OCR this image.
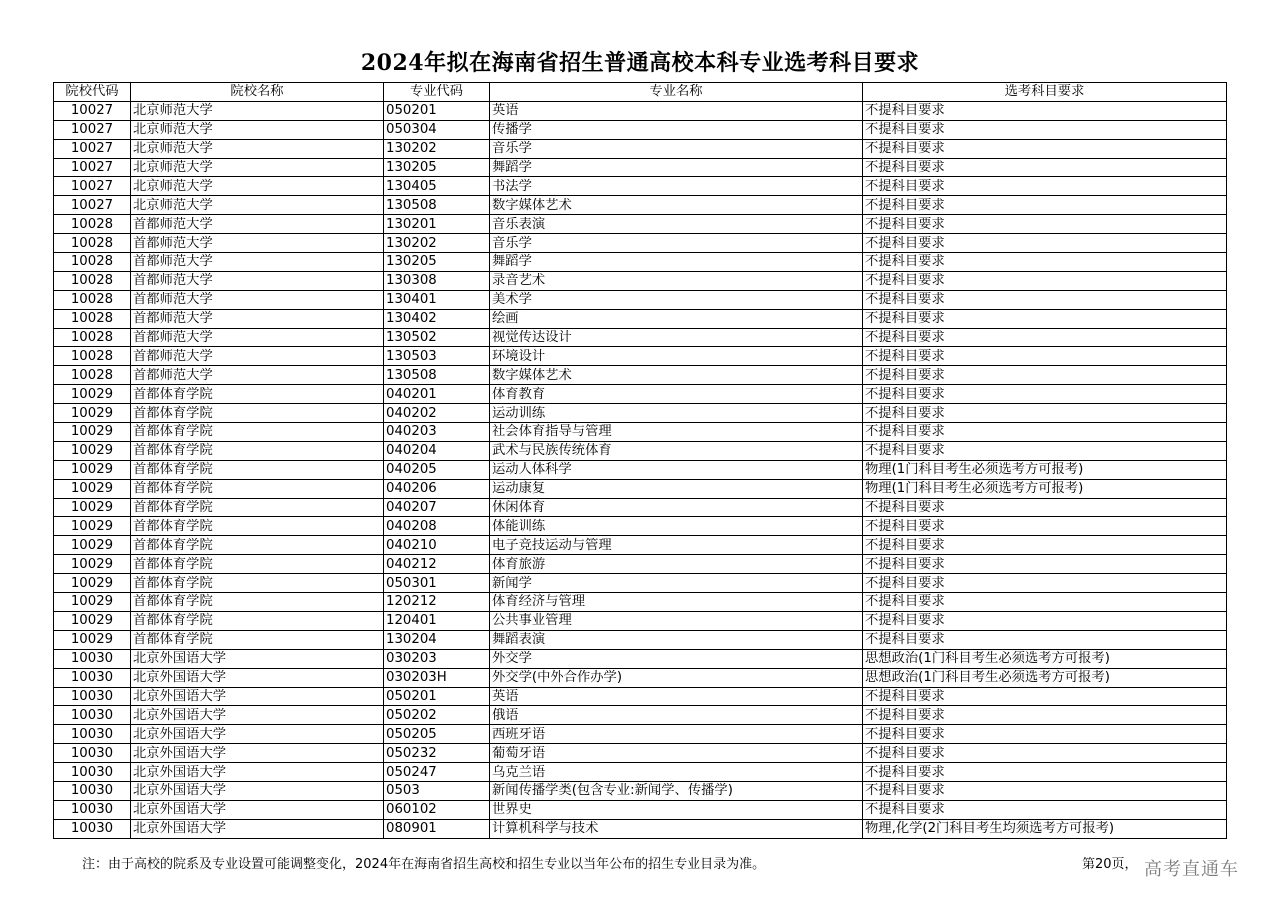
2024年拟在海南省招生普通高校本科专业选考科目要求
院校代码	院校名称	专业代码	专业名称	选考科目要求
10027	北京师范大学	050201	英语	不提科目要求
10027	北京师范大学	050304	传播学	不提科目要求
10027	北京师范大学	130202	音乐学	不提科目要求
10027	北京师范大学	130205	舞蹈学	不提科目要求
10027	北京师范大学	130405	书法学	不提科目要求
10027	北京师范大学	130508	数字媒体艺术	不提科目要求
10028	首都师范大学	130201	音乐表演	不提科目要求
10028	首都师范大学	130202	音乐学	不提科目要求
10028	首都师范大学	130205	舞蹈学	不提科目要求
10028	首都师范大学	130308	录音艺术	不提科目要求
10028	首都师范大学	130401	美术学	不提科目要求
10028	首都师范大学	130402	绘画	不提科目要求
10028	首都师范大学	130502	视觉传达设计	不提科目要求
10028	首都师范大学	130503	环境设计	不提科目要求
10028	首都师范大学	130508	数字媒体艺术	不提科目要求
10029	首都体育学院	040201	体育教育	不提科目要求
10029	首都体育学院	040202	运动训练	不提科目要求
10029	首都体育学院	040203	社会体育指导与管理	不提科目要求
10029	首都体育学院	040204	武术与民族传统体育	不提科目要求
10029	首都体育学院	040205	运动人体科学	物理(1门科目考生必须选考方可报考)
10029	首都体育学院	040206	运动康复	物理(1门科目考生必须选考方可报考)
10029	首都体育学院	040207	休闲体育	不提科目要求
10029	首都体育学院	040208	体能训练	不提科目要求
10029	首都体育学院	040210	电子竞技运动与管理	不提科目要求
10029	首都体育学院	040212	体育旅游	不提科目要求
10029	首都体育学院	050301	新闻学	不提科目要求
10029	首都体育学院	120212	体育经济与管理	不提科目要求
10029	首都体育学院	120401	公共事业管理	不提科目要求
10029	首都体育学院	130204	舞蹈表演	不提科目要求
10030	北京外国语大学	030203	外交学	思想政治(1门科目考生必须选考方可报考)
10030	北京外国语大学	030203H	外交学(中外合作办学)	思想政治(1门科目考生必须选考方可报考)
10030	北京外国语大学	050201	英语	不提科目要求
10030	北京外国语大学	050202	俄语	不提科目要求
10030	北京外国语大学	050205	西班牙语	不提科目要求
10030	北京外国语大学	050232	葡萄牙语	不提科目要求
10030	北京外国语大学	050247	乌克兰语	不提科目要求
10030	北京外国语大学	0503	新闻传播学类(包含专业:新闻学、传播学)	不提科目要求
10030	北京外国语大学	060102	世界史	不提科目要求
10030	北京外国语大学	080901	计算机科学与技术	物理,化学(2门科目考生均须选考方可报考)
注：由于高校的院系及专业设置可能调整变化，2024年在海南省招生高校和招生专业以当年公布的招生专业目录为准。	第20页， 高考直通车
